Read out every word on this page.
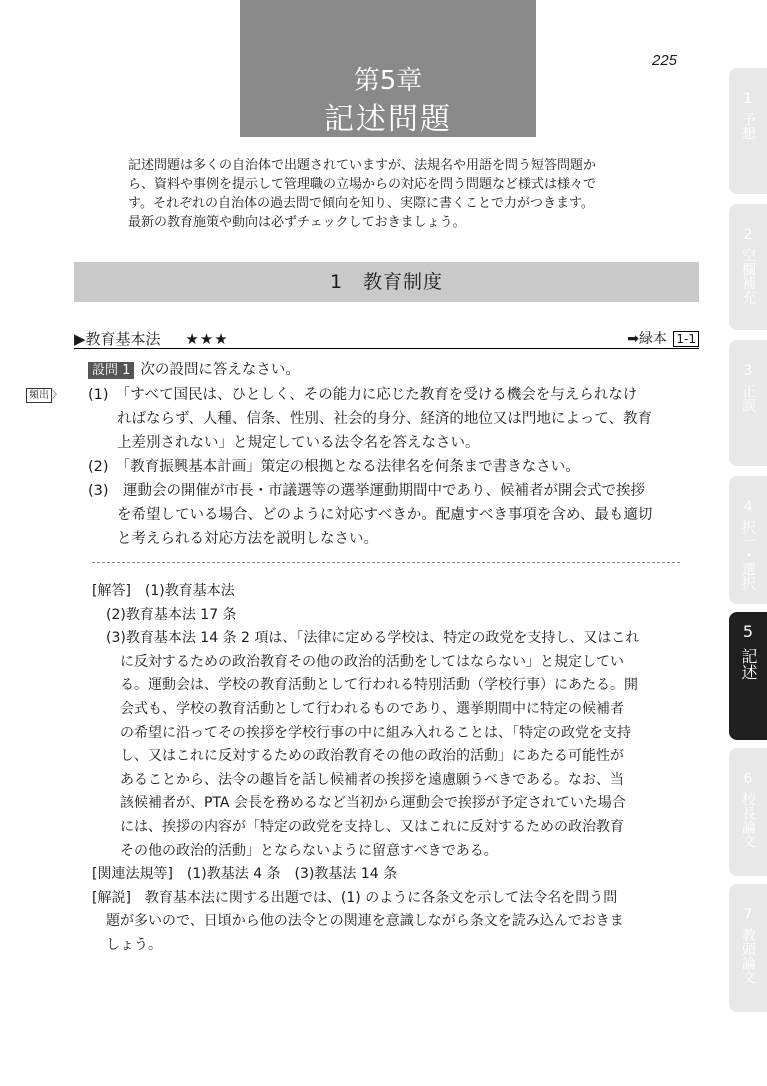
第5章
記述問題
225

記述問題は多くの自治体で出題されていますが、法規名や用語を問う短答問題か

ら、資料や事例を提示して管理職の立場からの対応を問う問題など様式は様々で

す。それぞれの自治体の過去問で傾向を知り、実際に書くことで力がつきます。

最新の教育施策や動向は必ずチェックしておきましょう。

1　教育制度
▶教育基本法 ★★★	➡緑本 1-1
頻出 〉

設問 1 次の設問に答えなさい。

(1)　「すべて国民は、ひとしく、その能力に応じた教育を受ける機会を与えられなけ

　　ればならず、人種、信条、性別、社会的身分、経済的地位又は門地によって、教育

　　上差別されない」と規定している法令名を答えなさい。

(2)　「教育振興基本計画」策定の根拠となる法律名を何条まで書きなさい。

(3)　運動会の開催が市長・市議選等の選挙運動期間中であり、候補者が開会式で挨拶

　　を希望している場合、どのように対応すべきか。配慮すべき事項を含め、最も適切

　　と考えられる対応方法を説明しなさい。

[解答]　(1)教育基本法

　(2)教育基本法 17 条

　(3)教育基本法 14 条 2 項は、「法律に定める学校は、特定の政党を支持し、又はこれ

　　に反対するための政治教育その他の政治的活動をしてはならない」と規定してい

　　る。運動会は、学校の教育活動として行われる特別活動（学校行事）にあたる。開

　　会式も、学校の教育活動として行われるものであり、選挙期間中に特定の候補者

　　の希望に沿ってその挨拶を学校行事の中に組み入れることは、「特定の政党を支持

　　し、又はこれに反対するための政治教育その他の政治的活動」にあたる可能性が

　　あることから、法令の趣旨を話し候補者の挨拶を遠慮願うべきである。なお、当

　　該候補者が、PTA 会長を務めるなど当初から運動会で挨拶が予定されていた場合

　　には、挨拶の内容が「特定の政党を支持し、又はこれに反対するための政治教育

　　その他の政治的活動」とならないように留意すべきである。

[関連法規等]　(1)教基法 4 条　(3)教基法 14 条

[解説]　教育基本法に関する出題では、(1) のように各条文を示して法令名を問う問

　題が多いので、日頃から他の法令との関連を意識しながら条文を読み込んでおきま

　しょう。

1
予想
2
空欄補充
3
正誤
4
択一・選択
5
記述
6
校長論文
7
教頭論文
